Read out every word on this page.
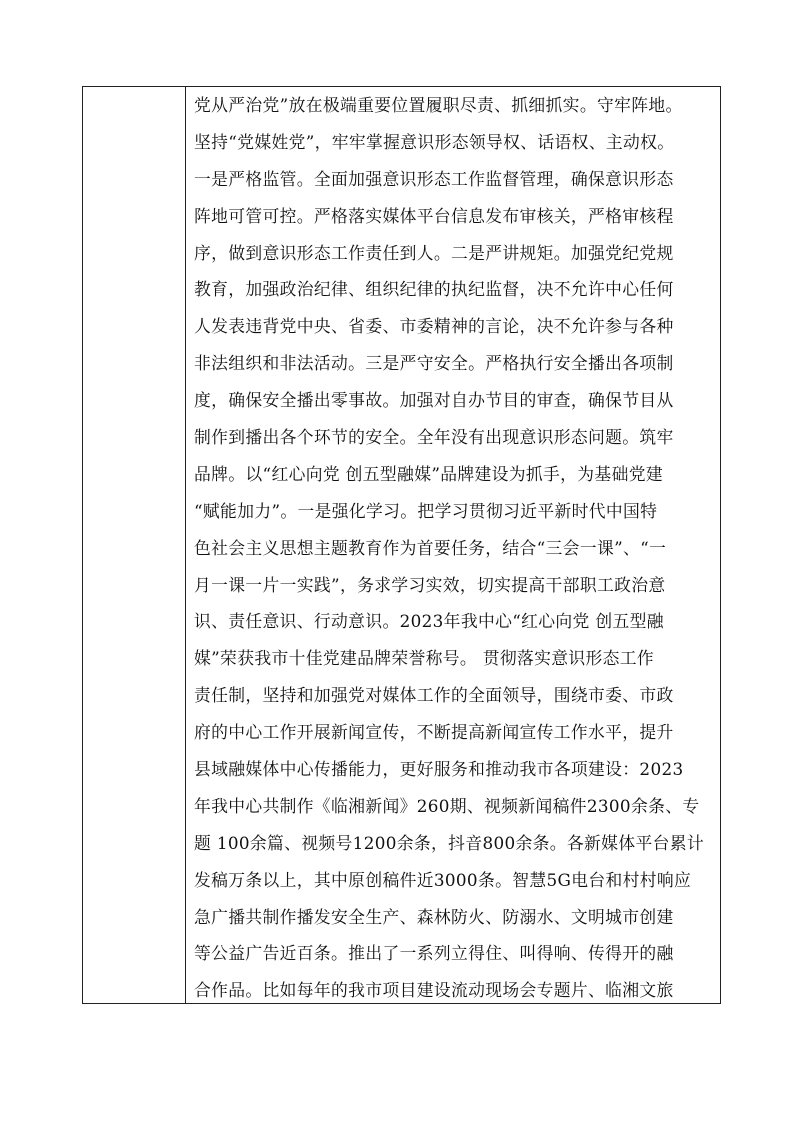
党从严治党”放在极端重要位置履职尽责、抓细抓实。守牢阵地。
坚持“党媒姓党”，牢牢掌握意识形态领导权、话语权、主动权。
一是严格监管。全面加强意识形态工作监督管理，确保意识形态
阵地可管可控。严格落实媒体平台信息发布审核关，严格审核程
序，做到意识形态工作责任到人。二是严讲规矩。加强党纪党规
教育，加强政治纪律、组织纪律的执纪监督，决不允许中心任何
人发表违背党中央、省委、市委精神的言论，决不允许参与各种
非法组织和非法活动。三是严守安全。严格执行安全播出各项制
度，确保安全播出零事故。加强对自办节目的审查，确保节目从
制作到播出各个环节的安全。全年没有出现意识形态问题。筑牢
品牌。以“红心向党 创五型融媒”品牌建设为抓手，为基础党建
“赋能加力”。一是强化学习。把学习贯彻习近平新时代中国特
色社会主义思想主题教育作为首要任务，结合“三会一课”、“一
月一课一片一实践”，务求学习实效，切实提高干部职工政治意
识、责任意识、行动意识。2023年我中心“红心向党 创五型融
媒”荣获我市十佳党建品牌荣誉称号。 贯彻落实意识形态工作
责任制，坚持和加强党对媒体工作的全面领导，围绕市委、市政
府的中心工作开展新闻宣传，不断提高新闻宣传工作水平，提升
县域融媒体中心传播能力，更好服务和推动我市各项建设：2023
年我中心共制作《临湘新闻》260期、视频新闻稿件2300余条、专
题 100余篇、视频号1200余条，抖音800余条。各新媒体平台累计
发稿万条以上，其中原创稿件近3000条。智慧5G电台和村村响应
急广播共制作播发安全生产、森林防火、防溺水、文明城市创建
等公益广告近百条。推出了一系列立得住、叫得响、传得开的融
合作品。比如每年的我市项目建设流动现场会专题片、临湘文旅
